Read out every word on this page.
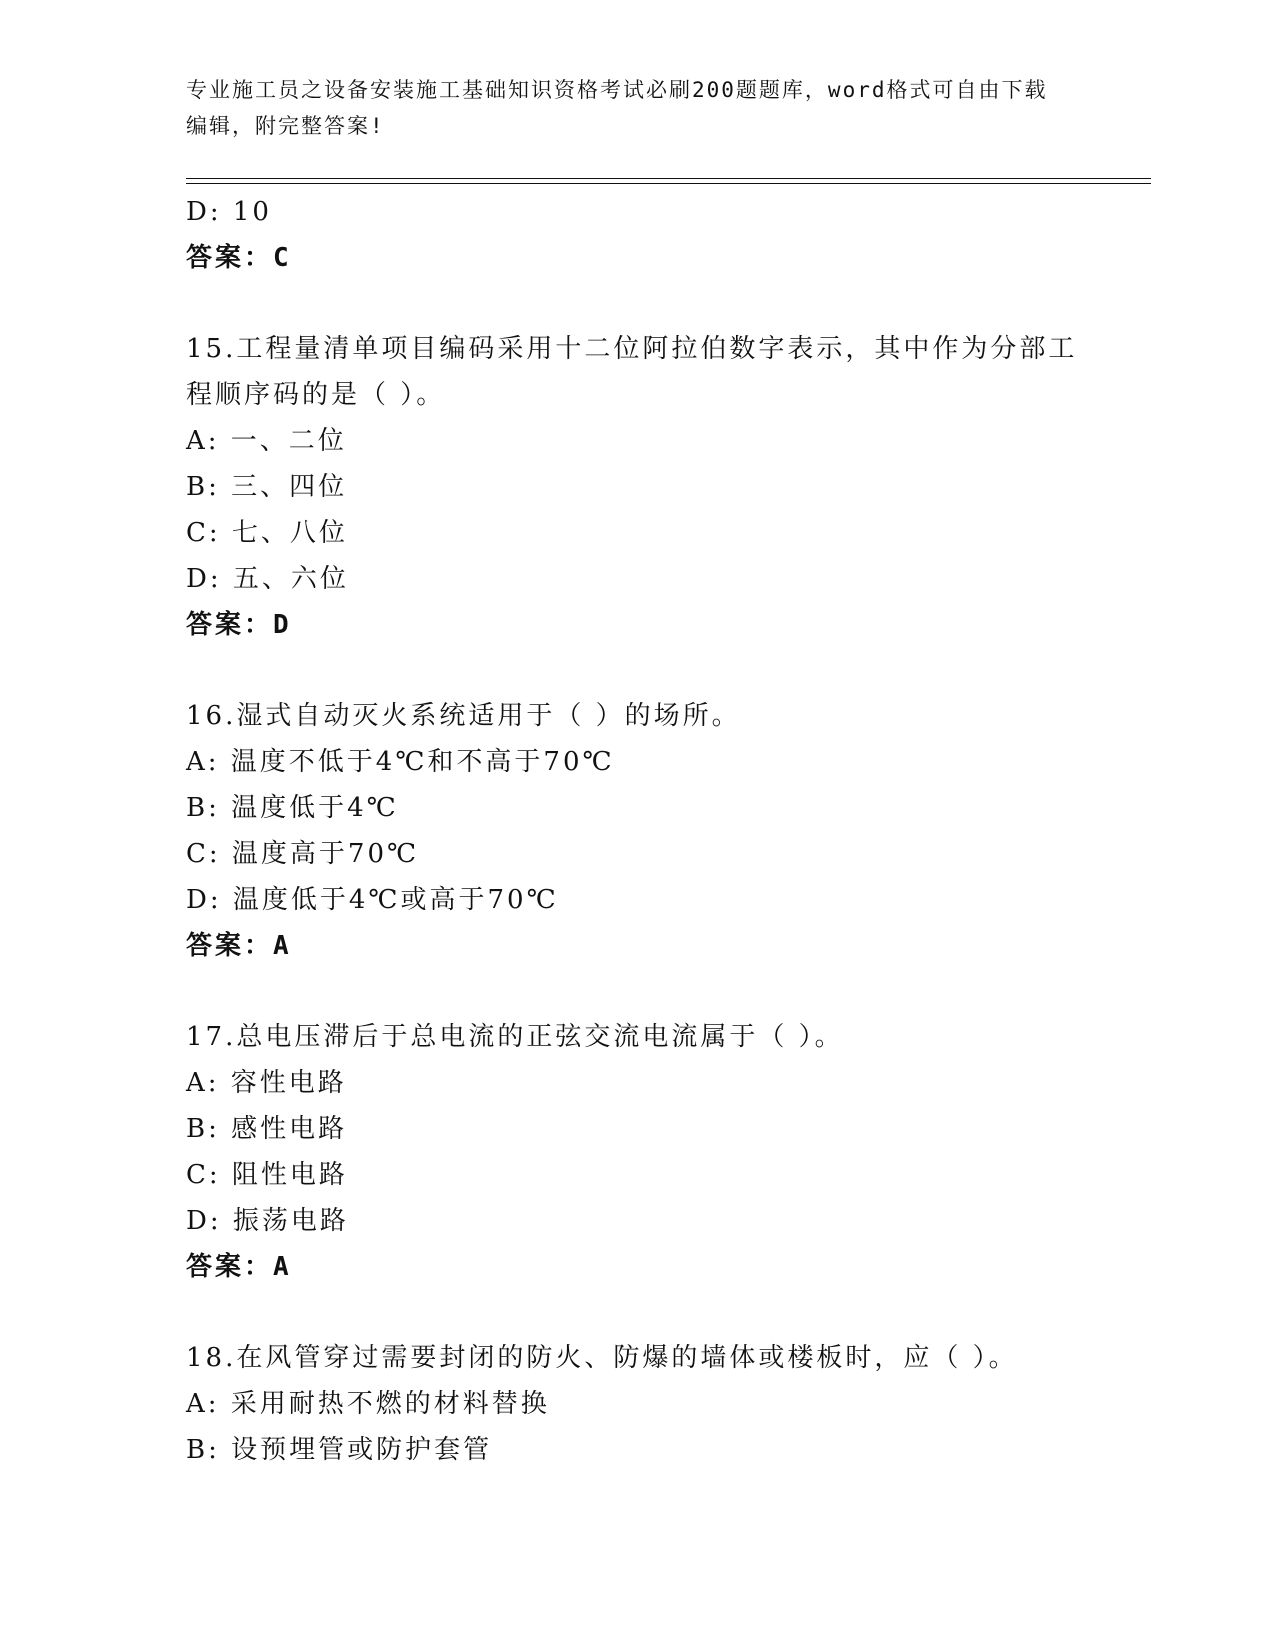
专业施工员之设备安装施工基础知识资格考试必刷200题题库，word格式可自由下载编辑，附完整答案!
D: 10
答案：C
15.工程量清单项目编码采用十二位阿拉伯数字表示，其中作为分部工
程顺序码的是（ ）。
A: 一、二位
B: 三、四位
C: 七、八位
D: 五、六位
答案：D
16.湿式自动灭火系统适用于（ ）的场所。
A: 温度不低于4℃和不高于70℃
B: 温度低于4℃
C: 温度高于70℃
D: 温度低于4℃或高于70℃
答案：A
17.总电压滞后于总电流的正弦交流电流属于（ ）。
A: 容性电路
B: 感性电路
C: 阻性电路
D: 振荡电路
答案：A
18.在风管穿过需要封闭的防火、防爆的墙体或楼板时，应（ ）。
A: 采用耐热不燃的材料替换
B: 设预埋管或防护套管
